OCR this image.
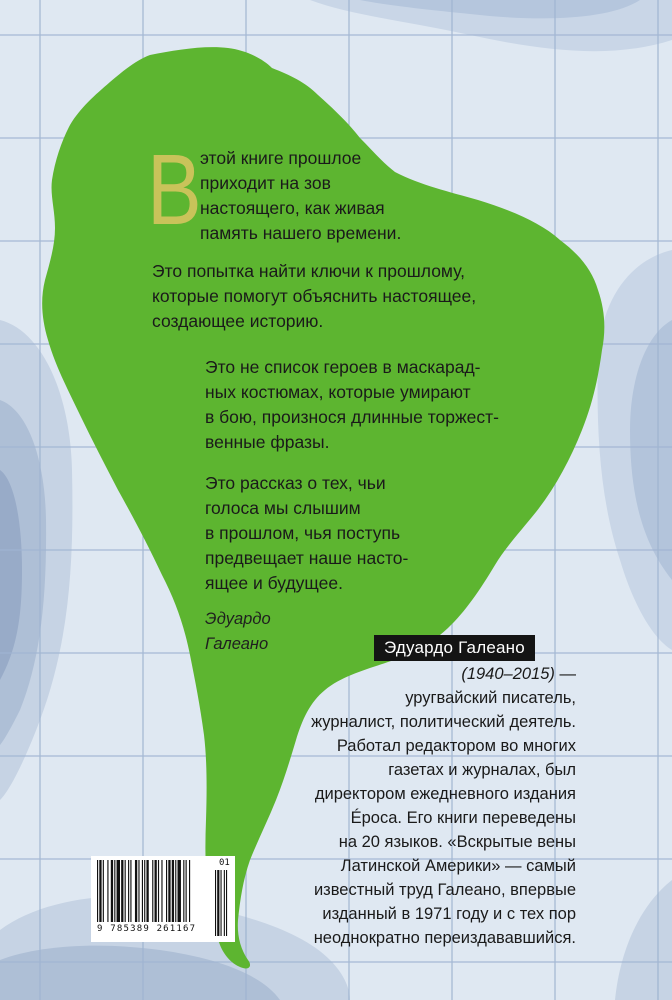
В

этой книге прошлое
приходит на зов
настоящего, как живая
память нашего времени.

Это попытка найти ключи к прошлому,
которые помогут объяснить настоящее,
создающее историю.

Это не список героев в маскарад-
ных костюмах, которые умирают
в бою, произнося длинные торжест-
венные фразы.

Это рассказ о тех, чьи
голоса мы слышим
в прошлом, чья поступь
предвещает наше насто-
ящее и будущее.

Эдуардо
Галеано	Эдуардо Галеано
(1940–2015) —
уругвайский писатель,
журналист, политический деятель.
Работал редактором во многих
газетах и журналах, был
директором ежедневного издания
Éроса. Его книги переведены
на 20 языков. «Вскрытые вены
Латинской Америки» — самый
известный труд Галеано, впервые
изданный в 1971 году и с тех пор
неоднократно переиздававшийся.
9 785389 261167
01
